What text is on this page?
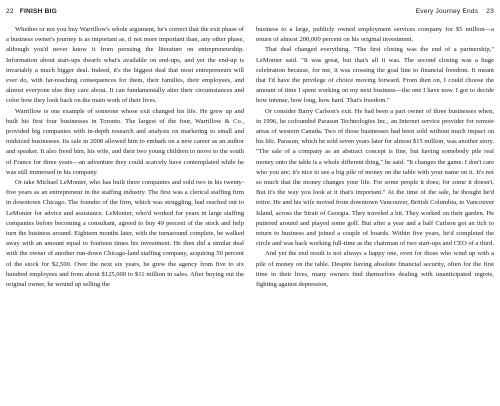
22 FINISH BIG

Whether or not you buy Warrillow's whole argument, he's correct that the exit phase of a business owner's journey is as important as, if not more important than, any other phase, although you'd never know it from perusing the literature on entrepreneurship. Information about start-ups dwarfs what's available on end-ups, and yet the end-up is invariably a much bigger deal. Indeed, it's the biggest deal that most entrepreneurs will ever do, with far-reaching consequences for them, their families, their employees, and almost everyone else they care about. It can fundamentally alter their circumstances and color how they look back on the main work of their lives.

Warrillow is one example of someone whose exit changed his life. He grew up and built his first four businesses in Toronto. The largest of the four, Warrillow & Co., provided big companies with in-depth research and analysis on marketing to small and midsized businesses. Its sale in 2008 allowed him to embark on a new career as an author and speaker. It also freed him, his wife, and their two young children to move to the south of France for three years—an adventure they could scarcely have contemplated while he was still immersed in his company.

Or take Michael LeMonier, who has built three companies and sold two in his twenty-five years as an entrepreneur in the staffing industry. The first was a clerical staffing firm in downtown Chicago. The founder of the firm, which was struggling, had reached out to LeMonier for advice and assistance. LeMonier, who'd worked for years in large staffing companies before becoming a consultant, agreed to buy 49 percent of the stock and help turn the business around. Eighteen months later, with the turnaround complete, he walked away with an amount equal to fourteen times his investment. He then did a similar deal with the owner of another run-down Chicago-land staffing company, acquiring 50 percent of the stock for $2,500. Over the next six years, he grew the agency from five to six hundred employees and from about $125,000 to $11 million in sales. After buying out the original owner, he wound up selling the

Every Journey Ends 23

business to a large, publicly owned employment services company for $5 million—a return of almost 200,000 percent on his original investment.

That deal changed everything. "The first closing was the end of a partnership," LeMonier said. "It was great, but that's all it was. The second closing was a huge celebration because, for me, it was crossing the goal line to financial freedom. It meant that I'd have the privilege of choice moving forward. From then on, I could choose the amount of time I spent working on my next business—the one I have now. I got to decide how intense, how long, how hard. That's freedom."

Or consider Barry Carlson's exit. He had been a part owner of three businesses when, in 1996, he cofounded Parasun Technologies Inc., an Internet service provider for remote areas of western Canada. Two of those businesses had been sold without much impact on his life. Parasun, which he sold seven years later for almost $15 million, was another story. "The sale of a company as an abstract concept is fine, but having somebody pile real money onto the table is a whole different thing," he said. "It changes the game. I don't care who you are; it's nice to see a big pile of money on the table with your name on it. It's not so much that the money changes your life. For some people it does; for some it doesn't. But it's the way you look at it that's important." At the time of the sale, he thought he'd retire. He and his wife moved from downtown Vancouver, British Columbia, to Vancouver Island, across the Strait of Georgia. They traveled a bit. They worked on their garden. He puttered around and played some golf. But after a year and a half Carlson got an itch to return to business and joined a couple of boards. Within five years, he'd completed the circle and was back working full-time as the chairman of two start-ups and CEO of a third.

And yet the end result is not always a happy one, even for those who wind up with a pile of money on the table. Despite having absolute financial security, often for the first time in their lives, many owners find themselves dealing with unanticipated regrets, fighting against depression,
